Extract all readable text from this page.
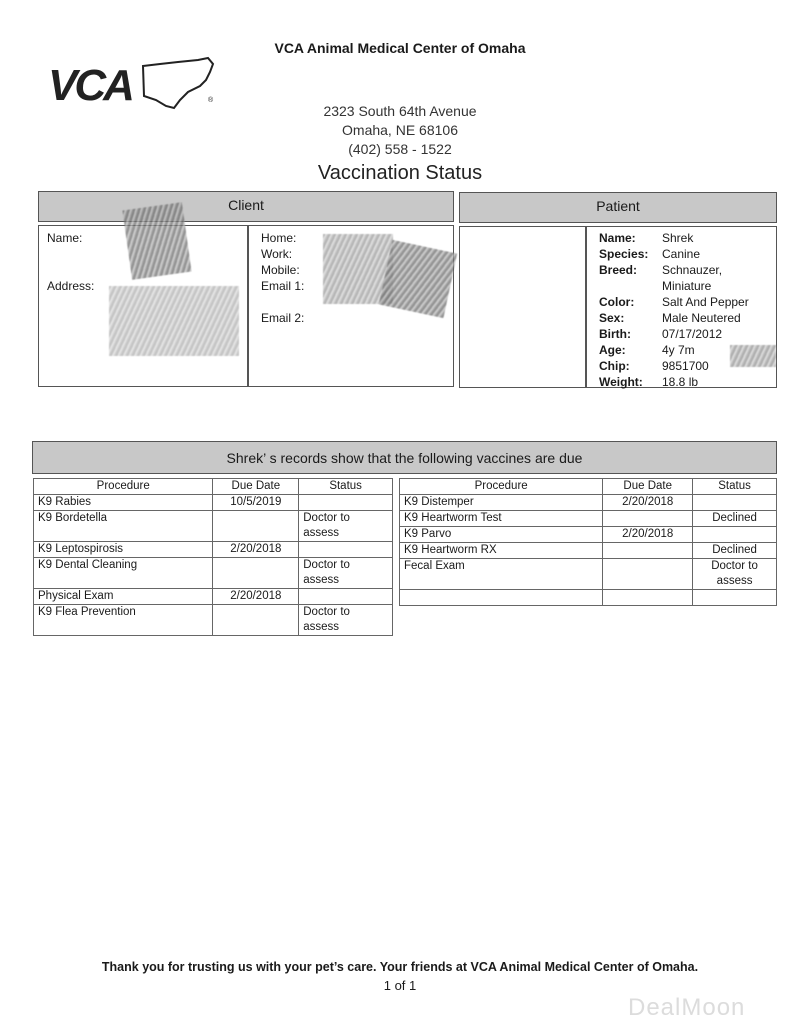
VCA Animal Medical Center of Omaha
VCA	®
2323 South 64th Avenue
Omaha, NE 68106
(402) 558 - 1522
Vaccination Status
Client
Name:
Address:
Home:
Work:
Mobile:
Email 1:
Email 2:
Patient
Name: Shrek
Species: Canine
Breed: Schnauzer,
Miniature
Color: Salt And Pepper
Sex:	Male Neutered
Birth:	07/17/2012
Age:	4y 7m
Chip:	9851700
Weight: 18.8 lb
Shrek’ s records show that the following vaccines are due
Procedure	Due Date	Status
K9 Rabies	10/5/2019	
K9 Bordetella		Doctor to assess
K9 Leptospirosis	2/20/2018	
K9 Dental Cleaning		Doctor to assess
Physical Exam	2/20/2018	
K9 Flea Prevention		Doctor to assess
Procedure	Due Date	Status
K9 Distemper	2/20/2018	
K9 Heartworm Test		Declined
K9 Parvo	2/20/2018	
K9 Heartworm RX		Declined
Fecal Exam		Doctor to assess

Thank you for trusting us with your pet’s care. Your friends at VCA Animal Medical Center of Omaha.
1 of 1
DealMoon
